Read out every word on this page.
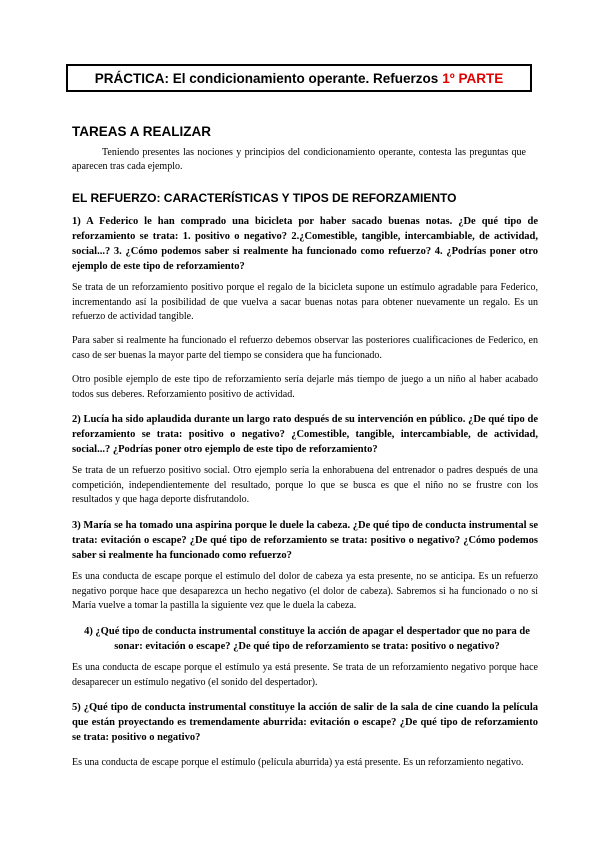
PRÁCTICA: El condicionamiento operante. Refuerzos 1º PARTE
TAREAS A REALIZAR
Teniendo presentes las nociones y principios del condicionamiento operante, contesta las preguntas que aparecen tras cada ejemplo.
EL REFUERZO: CARACTERÍSTICAS Y TIPOS DE REFORZAMIENTO
1) A Federico le han comprado una bicicleta por haber sacado buenas notas. ¿De qué tipo de reforzamiento se trata: 1. positivo o negativo? 2.¿Comestible, tangible, intercambiable, de actividad, social...? 3. ¿Cómo podemos saber si realmente ha funcionado como refuerzo? 4. ¿Podrías poner otro ejemplo de este tipo de reforzamiento?
Se trata de un reforzamiento positivo porque el regalo de la bicicleta supone un estímulo agradable para Federico, incrementando así la posibilidad de que vuelva a sacar buenas notas para obtener nuevamente un regalo. Es un refuerzo de actividad tangible.
Para saber si realmente ha funcionado el refuerzo debemos observar las posteriores cualificaciones de Federico, en caso de ser buenas la mayor parte del tiempo se considera que ha funcionado.
Otro posible ejemplo de este tipo de reforzamiento sería dejarle más tiempo de juego a un niño al haber acabado todos sus deberes. Reforzamiento positivo de actividad.
2) Lucía ha sido aplaudida durante un largo rato después de su intervención en público. ¿De qué tipo de reforzamiento se trata: positivo o negativo? ¿Comestible, tangible, intercambiable, de actividad, social...? ¿Podrías poner otro ejemplo de este tipo de reforzamiento?
Se trata de un refuerzo positivo social. Otro ejemplo sería la enhorabuena del entrenador o padres después de una competición, independientemente del resultado, porque lo que se busca es que el niño no se frustre con los resultados y que haga deporte disfrutandolo.
3) María se ha tomado una aspirina porque le duele la cabeza. ¿De qué tipo de conducta instrumental se trata: evitación o escape? ¿De qué tipo de reforzamiento se trata: positivo o negativo? ¿Cómo podemos saber si realmente ha funcionado como refuerzo?
Es una conducta de escape porque el estímulo del dolor de cabeza ya esta presente, no se anticipa. Es un refuerzo negativo porque hace que desaparezca un hecho negativo (el dolor de cabeza). Sabremos si ha funcionado o no si María vuelve a tomar la pastilla la siguiente vez que le duela la cabeza.
4) ¿Qué tipo de conducta instrumental constituye la acción de apagar el despertador que no para de sonar: evitación o escape? ¿De qué tipo de reforzamiento se trata: positivo o negativo?
Es una conducta de escape porque el estímulo ya está presente. Se trata de un reforzamiento negativo porque hace desaparecer un estímulo negativo (el sonido del despertador).
5) ¿Qué tipo de conducta instrumental constituye la acción de salir de la sala de cine cuando la película que están proyectando es tremendamente aburrida: evitación o escape? ¿De qué tipo de reforzamiento se trata: positivo o negativo?
Es una conducta de escape porque el estímulo (película aburrida) ya está presente. Es un reforzamiento negativo.
